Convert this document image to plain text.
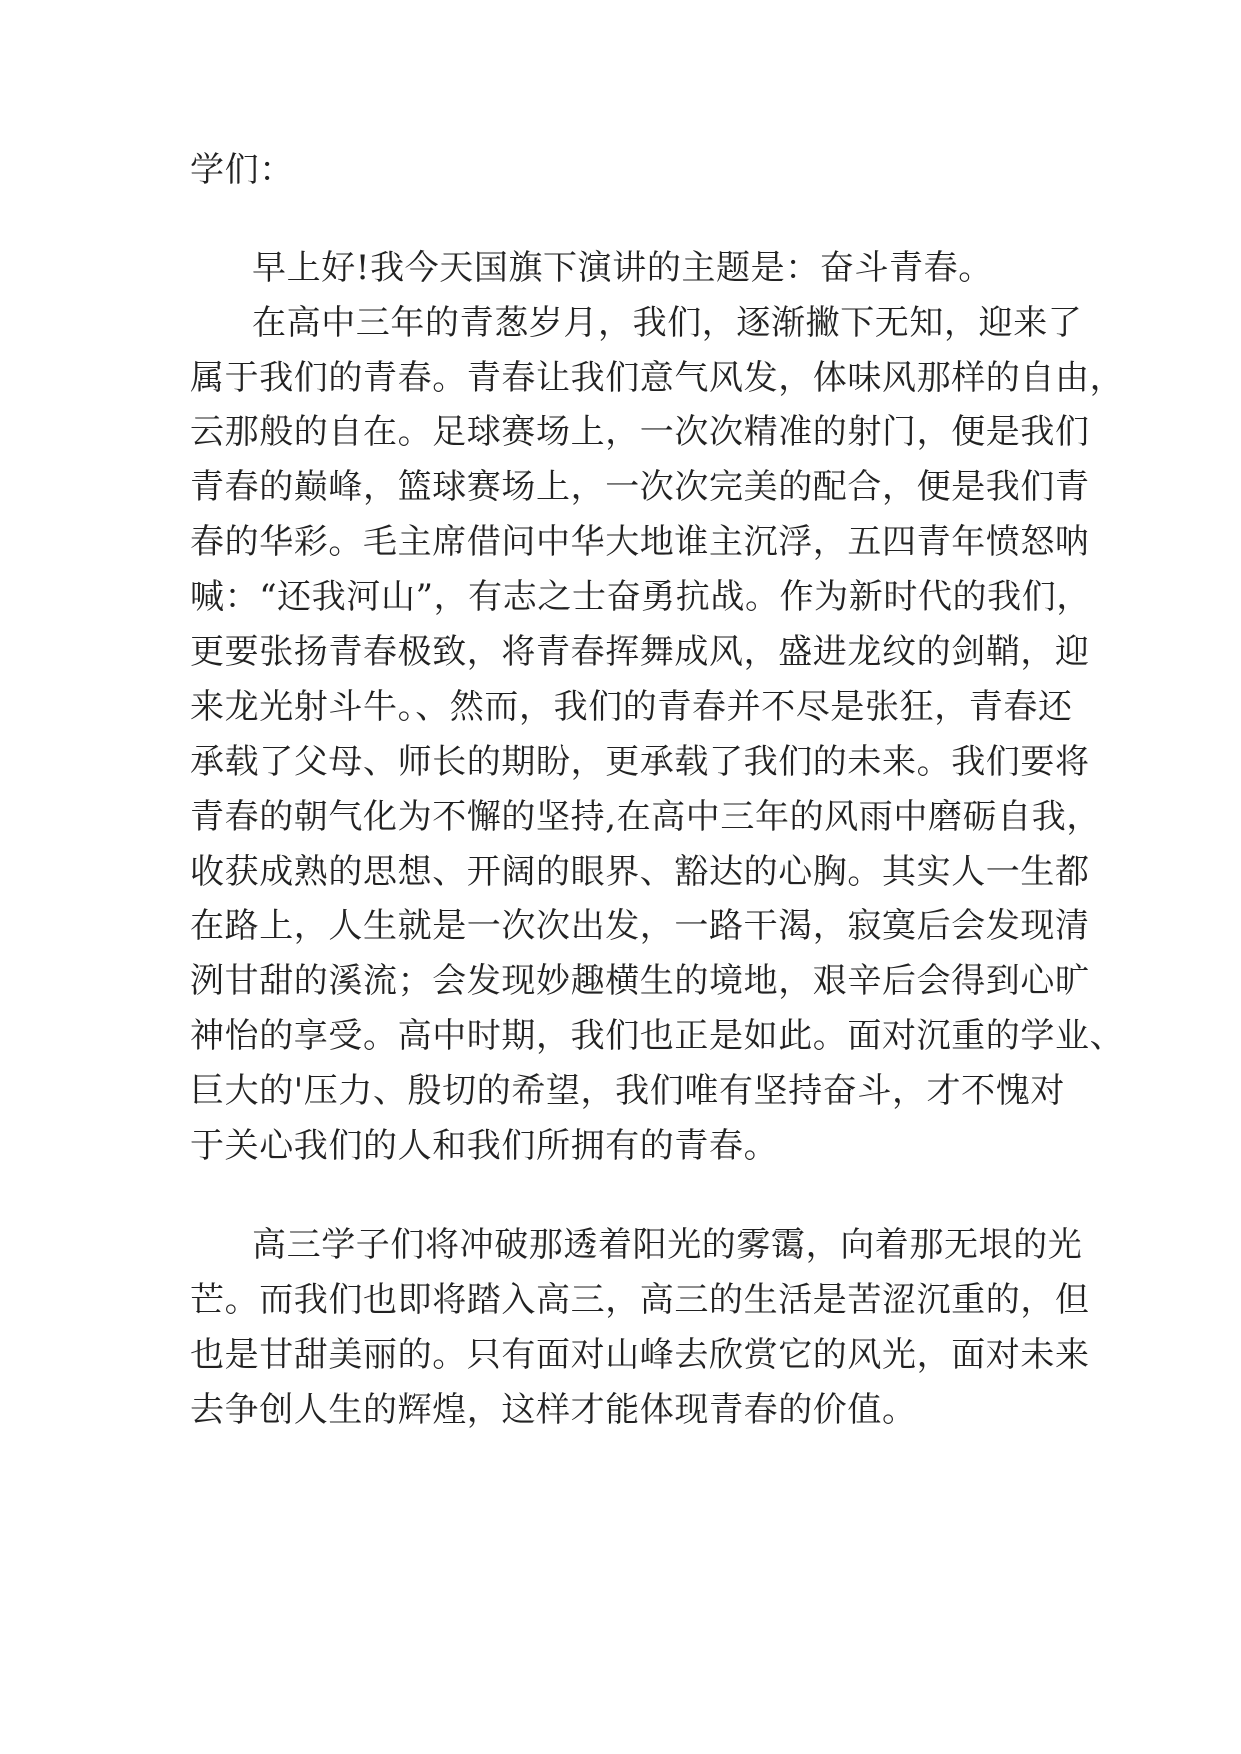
学们：
早上好!我今天国旗下演讲的主题是：奋斗青春。
在高中三年的青葱岁月，我们，逐渐撇下无知，迎来了
属于我们的青春。青春让我们意气风发，体味风那样的自由，
云那般的自在。足球赛场上，一次次精准的射门，便是我们
青春的巅峰，篮球赛场上，一次次完美的配合，便是我们青
春的华彩。毛主席借问中华大地谁主沉浮，五四青年愤怒呐
喊：“还我河山”，有志之士奋勇抗战。作为新时代的我们，
更要张扬青春极致，将青春挥舞成风，盛进龙纹的剑鞘，迎
来龙光射斗牛。、然而，我们的青春并不尽是张狂，青春还
承载了父母、师长的期盼，更承载了我们的未来。我们要将
青春的朝气化为不懈的坚持,在高中三年的风雨中磨砺自我，
收获成熟的思想、开阔的眼界、豁达的心胸。其实人一生都
在路上，人生就是一次次出发，一路干渴，寂寞后会发现清
洌甘甜的溪流；会发现妙趣横生的境地，艰辛后会得到心旷
神怡的享受。高中时期，我们也正是如此。面对沉重的学业、
巨大的'压力、殷切的希望，我们唯有坚持奋斗，才不愧对
于关心我们的人和我们所拥有的青春。
高三学子们将冲破那透着阳光的雾霭，向着那无垠的光
芒。而我们也即将踏入高三，高三的生活是苦涩沉重的，但
也是甘甜美丽的。只有面对山峰去欣赏它的风光，面对未来
去争创人生的辉煌，这样才能体现青春的价值。
